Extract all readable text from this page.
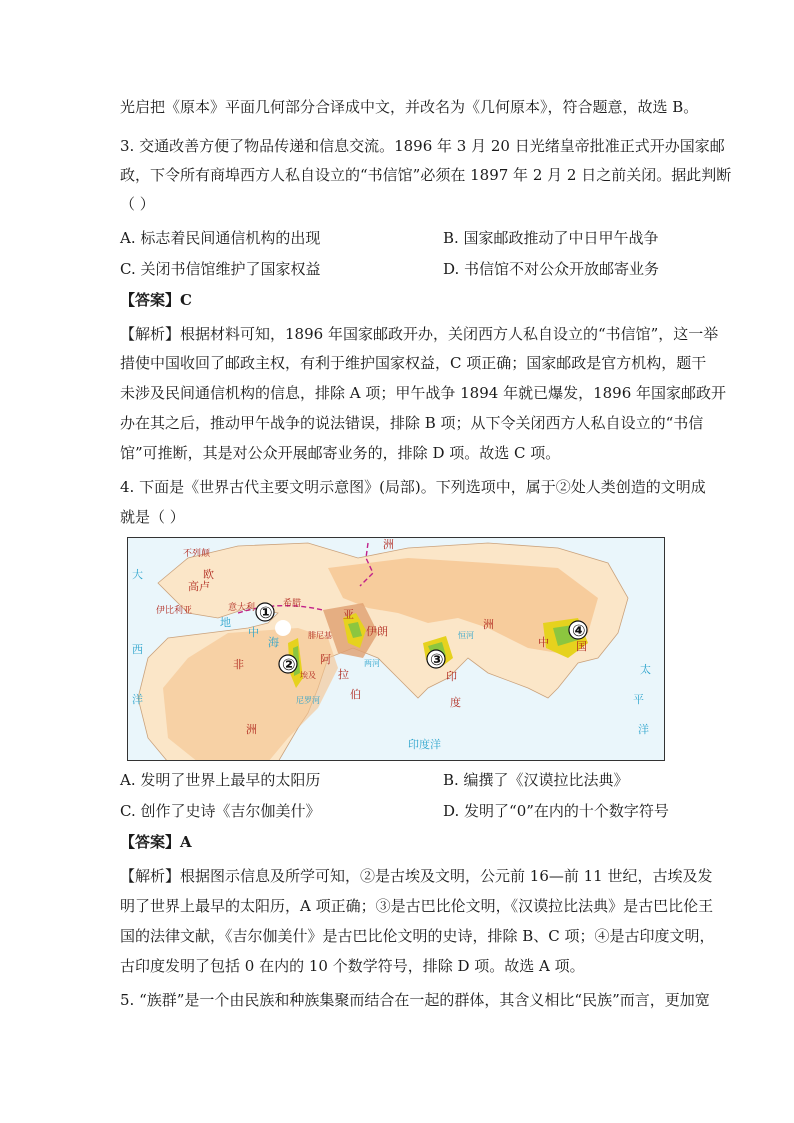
光启把《原本》平面几何部分合译成中文，并改名为《几何原本》，符合题意，故选 B。
3. 交通改善方便了物品传递和信息交流。1896 年 3 月 20 日光绪皇帝批准正式开办国家邮
政，下令所有商埠西方人私自设立的“书信馆”必须在 1897 年 2 月 2 日之前关闭。据此判断
（ ）
A. 标志着民间通信机构的出现	B. 国家邮政推动了中日甲午战争
C. 关闭书信馆维护了国家权益	D. 书信馆不对公众开放邮寄业务
【答案】C
【解析】根据材料可知，1896 年国家邮政开办，关闭西方人私自设立的“书信馆”，这一举
措使中国收回了邮政主权，有利于维护国家权益，C 项正确；国家邮政是官方机构，题干
未涉及民间通信机构的信息，排除 A 项；甲午战争 1894 年就已爆发，1896 年国家邮政开
办在其之后，推动甲午战争的说法错误，排除 B 项；从下令关闭西方人私自设立的“书信
馆”可推断，其是对公众开展邮寄业务的，排除 D 项。故选 C 项。
4. 下面是《世界古代主要文明示意图》(局部)。下列选项中，属于②处人类创造的文明成
就是（ ）
大
西
洋
地
中
海
印度洋
太
平
洋
尼罗河
恒河
两河
洲
不列颠
欧
高卢
意大利	希腊
伊比利亚	亚
腓尼基
阿
拉
伯
伊朗
印
度
洲
中 国
非
洲
埃及
①
②	③
④
A. 发明了世界上最早的太阳历	B. 编撰了《汉谟拉比法典》
C. 创作了史诗《吉尔伽美什》	D. 发明了“0”在内的十个数字符号
【答案】A
【解析】根据图示信息及所学可知，②是古埃及文明，公元前 16—前 11 世纪，古埃及发
明了世界上最早的太阳历，A 项正确；③是古巴比伦文明，《汉谟拉比法典》是古巴比伦王
国的法律文献，《吉尔伽美什》是古巴比伦文明的史诗，排除 B、C 项；④是古印度文明，
古印度发明了包括 0 在内的 10 个数学符号，排除 D 项。故选 A 项。
5. “族群”是一个由民族和种族集聚而结合在一起的群体，其含义相比“民族”而言，更加宽
